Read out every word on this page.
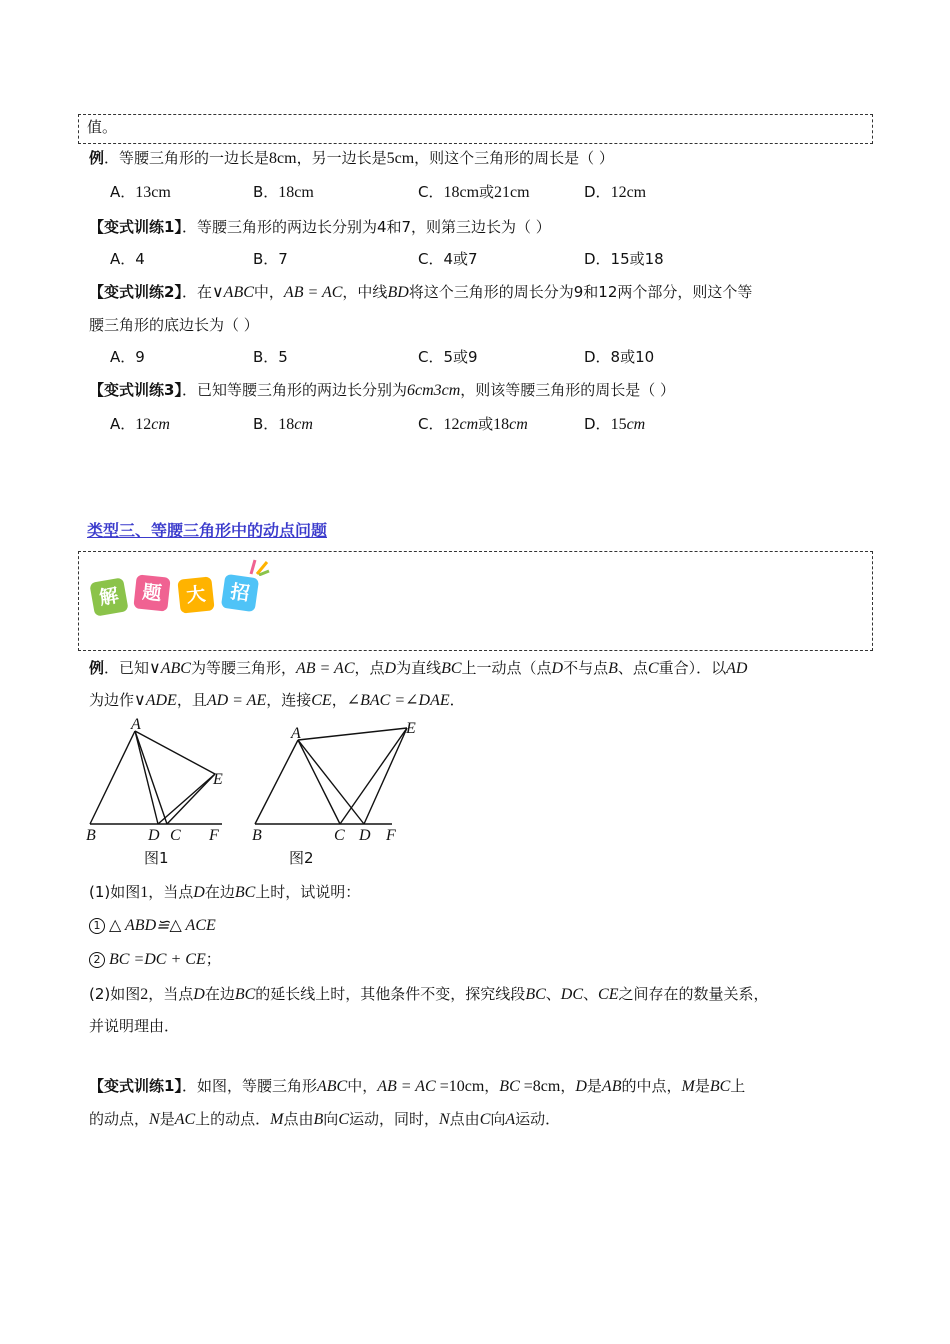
值。
例．等腰三角形的一边长是8cm，另一边长是5cm，则这个三角形的周长是（ ）
A．13cm	B．18cm	C．18cm或21cm	D．12cm
【变式训练1】．等腰三角形的两边长分别为4和7，则第三边长为（ ）
A．4	B．7	C．4或7	D．15或18
【变式训练2】．在∨ABC中，AB = AC，中线BD将这个三角形的周长分为9和12两个部分，则这个等
腰三角形的底边长为（ ）
A．9	B．5	C．5或9	D．8或10
【变式训练3】．已知等腰三角形的两边长分别为6cm3cm，则该等腰三角形的周长是（ ）
A．12cm	B．18cm	C．12cm或18cm	D．15cm
类型三、等腰三角形中的动点问题
解	题	大	招
例．已知∨ABC为等腰三角形，AB = AC，点D为直线BC上一动点（点D不与点B、点C重合）．以AD
为边作∨ADE，且AD = AE，连接CE，∠BAC =∠DAE．
A
B	D C F
E
图1
A	E
B	C D F
图2
(1)如图1，当点D在边BC上时，试说明：
1 △ ABD≌△ ACE
2 BC =DC + CE；
(2)如图2，当点D在边BC的延长线上时，其他条件不变，探究线段BC、DC、CE之间存在的数量关系，
并说明理由．
【变式训练1】．如图，等腰三角形ABC中，AB = AC =10cm，BC =8cm，D是AB的中点，M是BC上
的动点，N是AC上的动点．M点由B向C运动，同时，N点由C向A运动．
